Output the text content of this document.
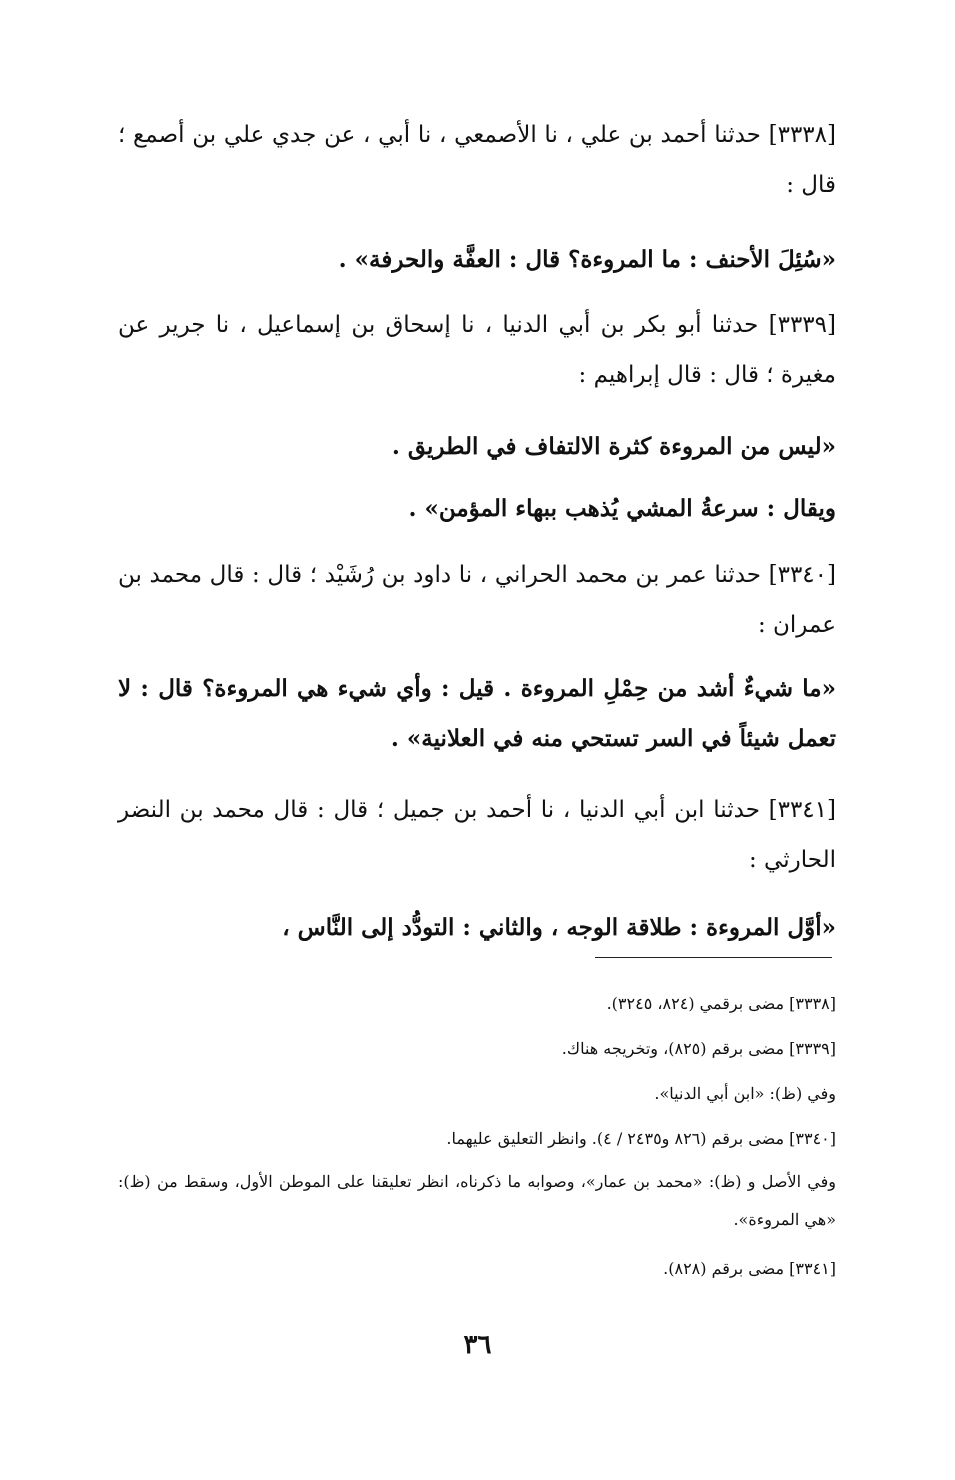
[٣٣٣٨] حدثنا أحمد بن علي ، نا الأصمعي ، نا أبي ، عن جدي علي بن أصمع ؛ قال :

«سُئِلَ الأحنف : ما المروءة؟ قال : العفَّة والحرفة» .

[٣٣٣٩] حدثنا أبو بكر بن أبي الدنيا ، نا إسحاق بن إسماعيل ، نا جرير عن مغيرة ؛ قال : قال إبراهيم :

«ليس من المروءة كثرة الالتفاف في الطريق .

ويقال : سرعةُ المشي يُذهب ببهاء المؤمن» .

[٣٣٤٠] حدثنا عمر بن محمد الحراني ، نا داود بن رُشَيْد ؛ قال : قال محمد بن عمران :

«ما شيءٌ أشد من حِمْلِ المروءة . قيل : وأي شيء هي المروءة؟ قال : لا تعمل شيئاً في السر تستحي منه في العلانية» .

[٣٣٤١] حدثنا ابن أبي الدنيا ، نا أحمد بن جميل ؛ قال : قال محمد بن النضر الحارثي :

«أوَّل المروءة : طلاقة الوجه ، والثاني : التودُّد إلى النَّاس ،

[٣٣٣٨] مضى برقمي (٨٢٤، ٣٢٤٥).

[٣٣٣٩] مضى برقم (٨٢٥)، وتخريجه هناك.

وفي (ظ): «ابن أبي الدنيا».

[٣٣٤٠] مضى برقم (٨٢٦ و٢٤٣٥ / ٤). وانظر التعليق عليهما.

وفي الأصل و (ظ): «محمد بن عمار»، وصوابه ما ذكرناه، انظر تعليقنا على الموطن الأول، وسقط من (ظ): «هي المروءة».

[٣٣٤١] مضى برقم (٨٢٨).

٣٦
